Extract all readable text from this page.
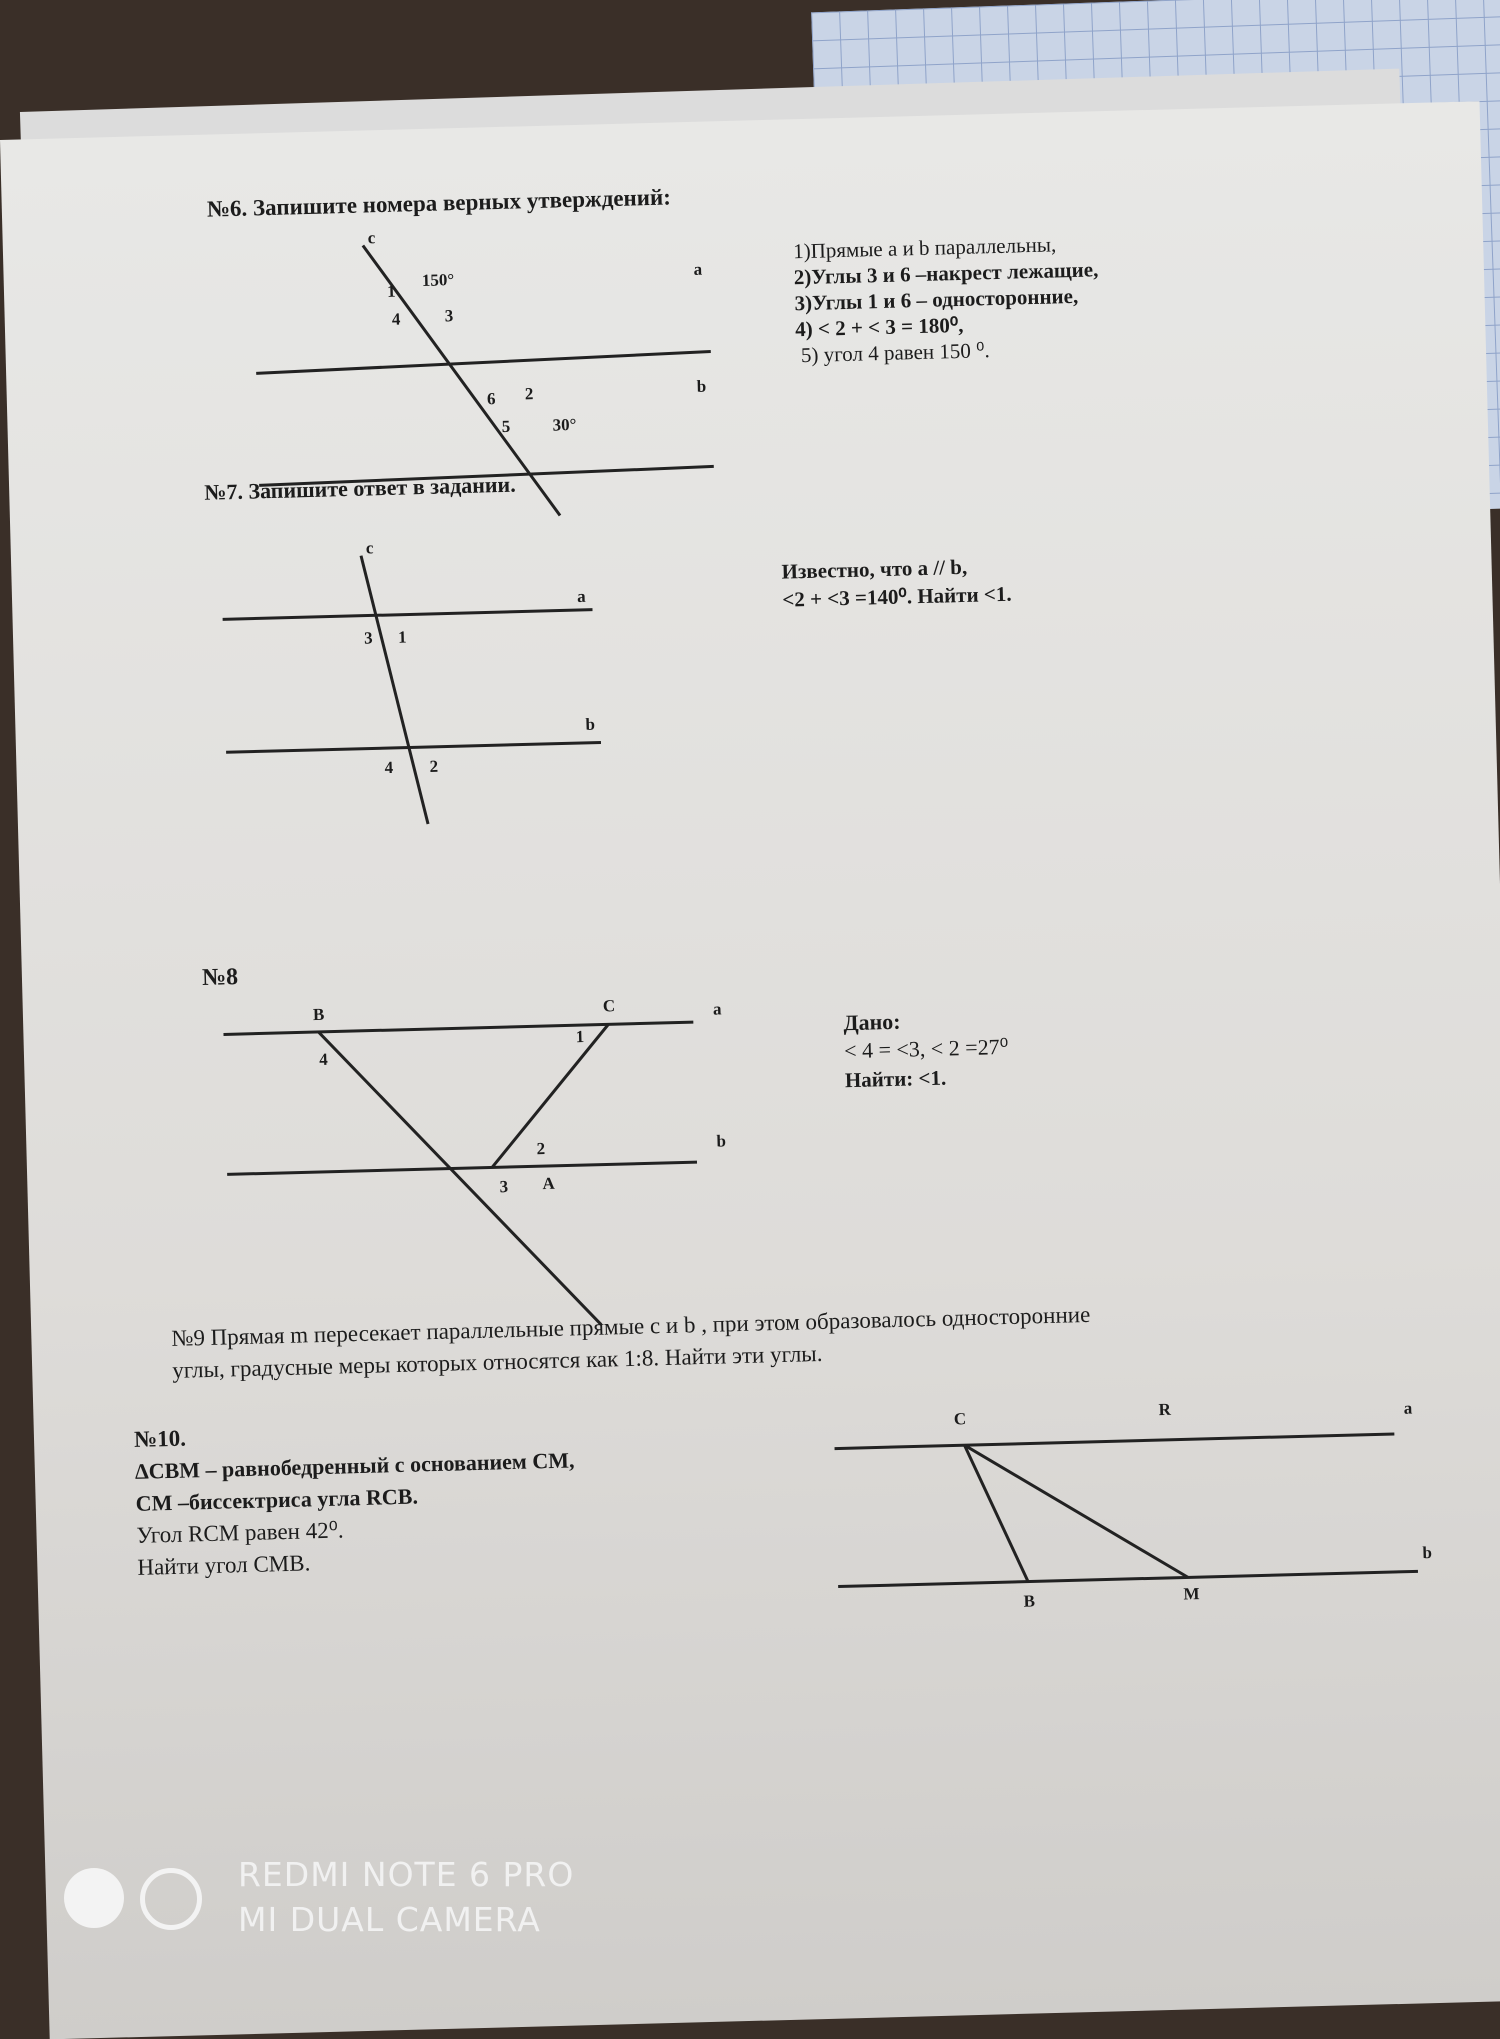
№6. Запишите номера верных утверждений:
c
a
b
1
150°
4	3
6 2
5 30°
1)Прямые а и b параллельны,
2)Углы 3 и 6 –накрест лежащие,
3)Углы 1 и 6 – односторонние,
4) < 2 + < 3 = 180⁰,
5) угол 4 равен 150 ⁰.
№7. Запишите ответ в задании.
c
a
b
3 1
4 2
Известно, что а // b,
<2 + <3 =140⁰. Найти <1.
№8
B	C	a
b
4
1
2
3 A
Дано:
< 4 = <3, < 2 =27⁰
Найти: <1.
№9 Прямая m пересекает параллельные прямые c и b , при этом образовалось односторонние
углы, градусные меры которых относятся как 1:8. Найти эти углы.
№10.
ΔCBM – равнобедренный с основанием CM,
CM –биссектриса угла RCB.
Угол RCM равен 42⁰.
Найти угол CMB.
C	R	a
b
B	M
REDMI NOTE 6 PRO
MI DUAL CAMERA
